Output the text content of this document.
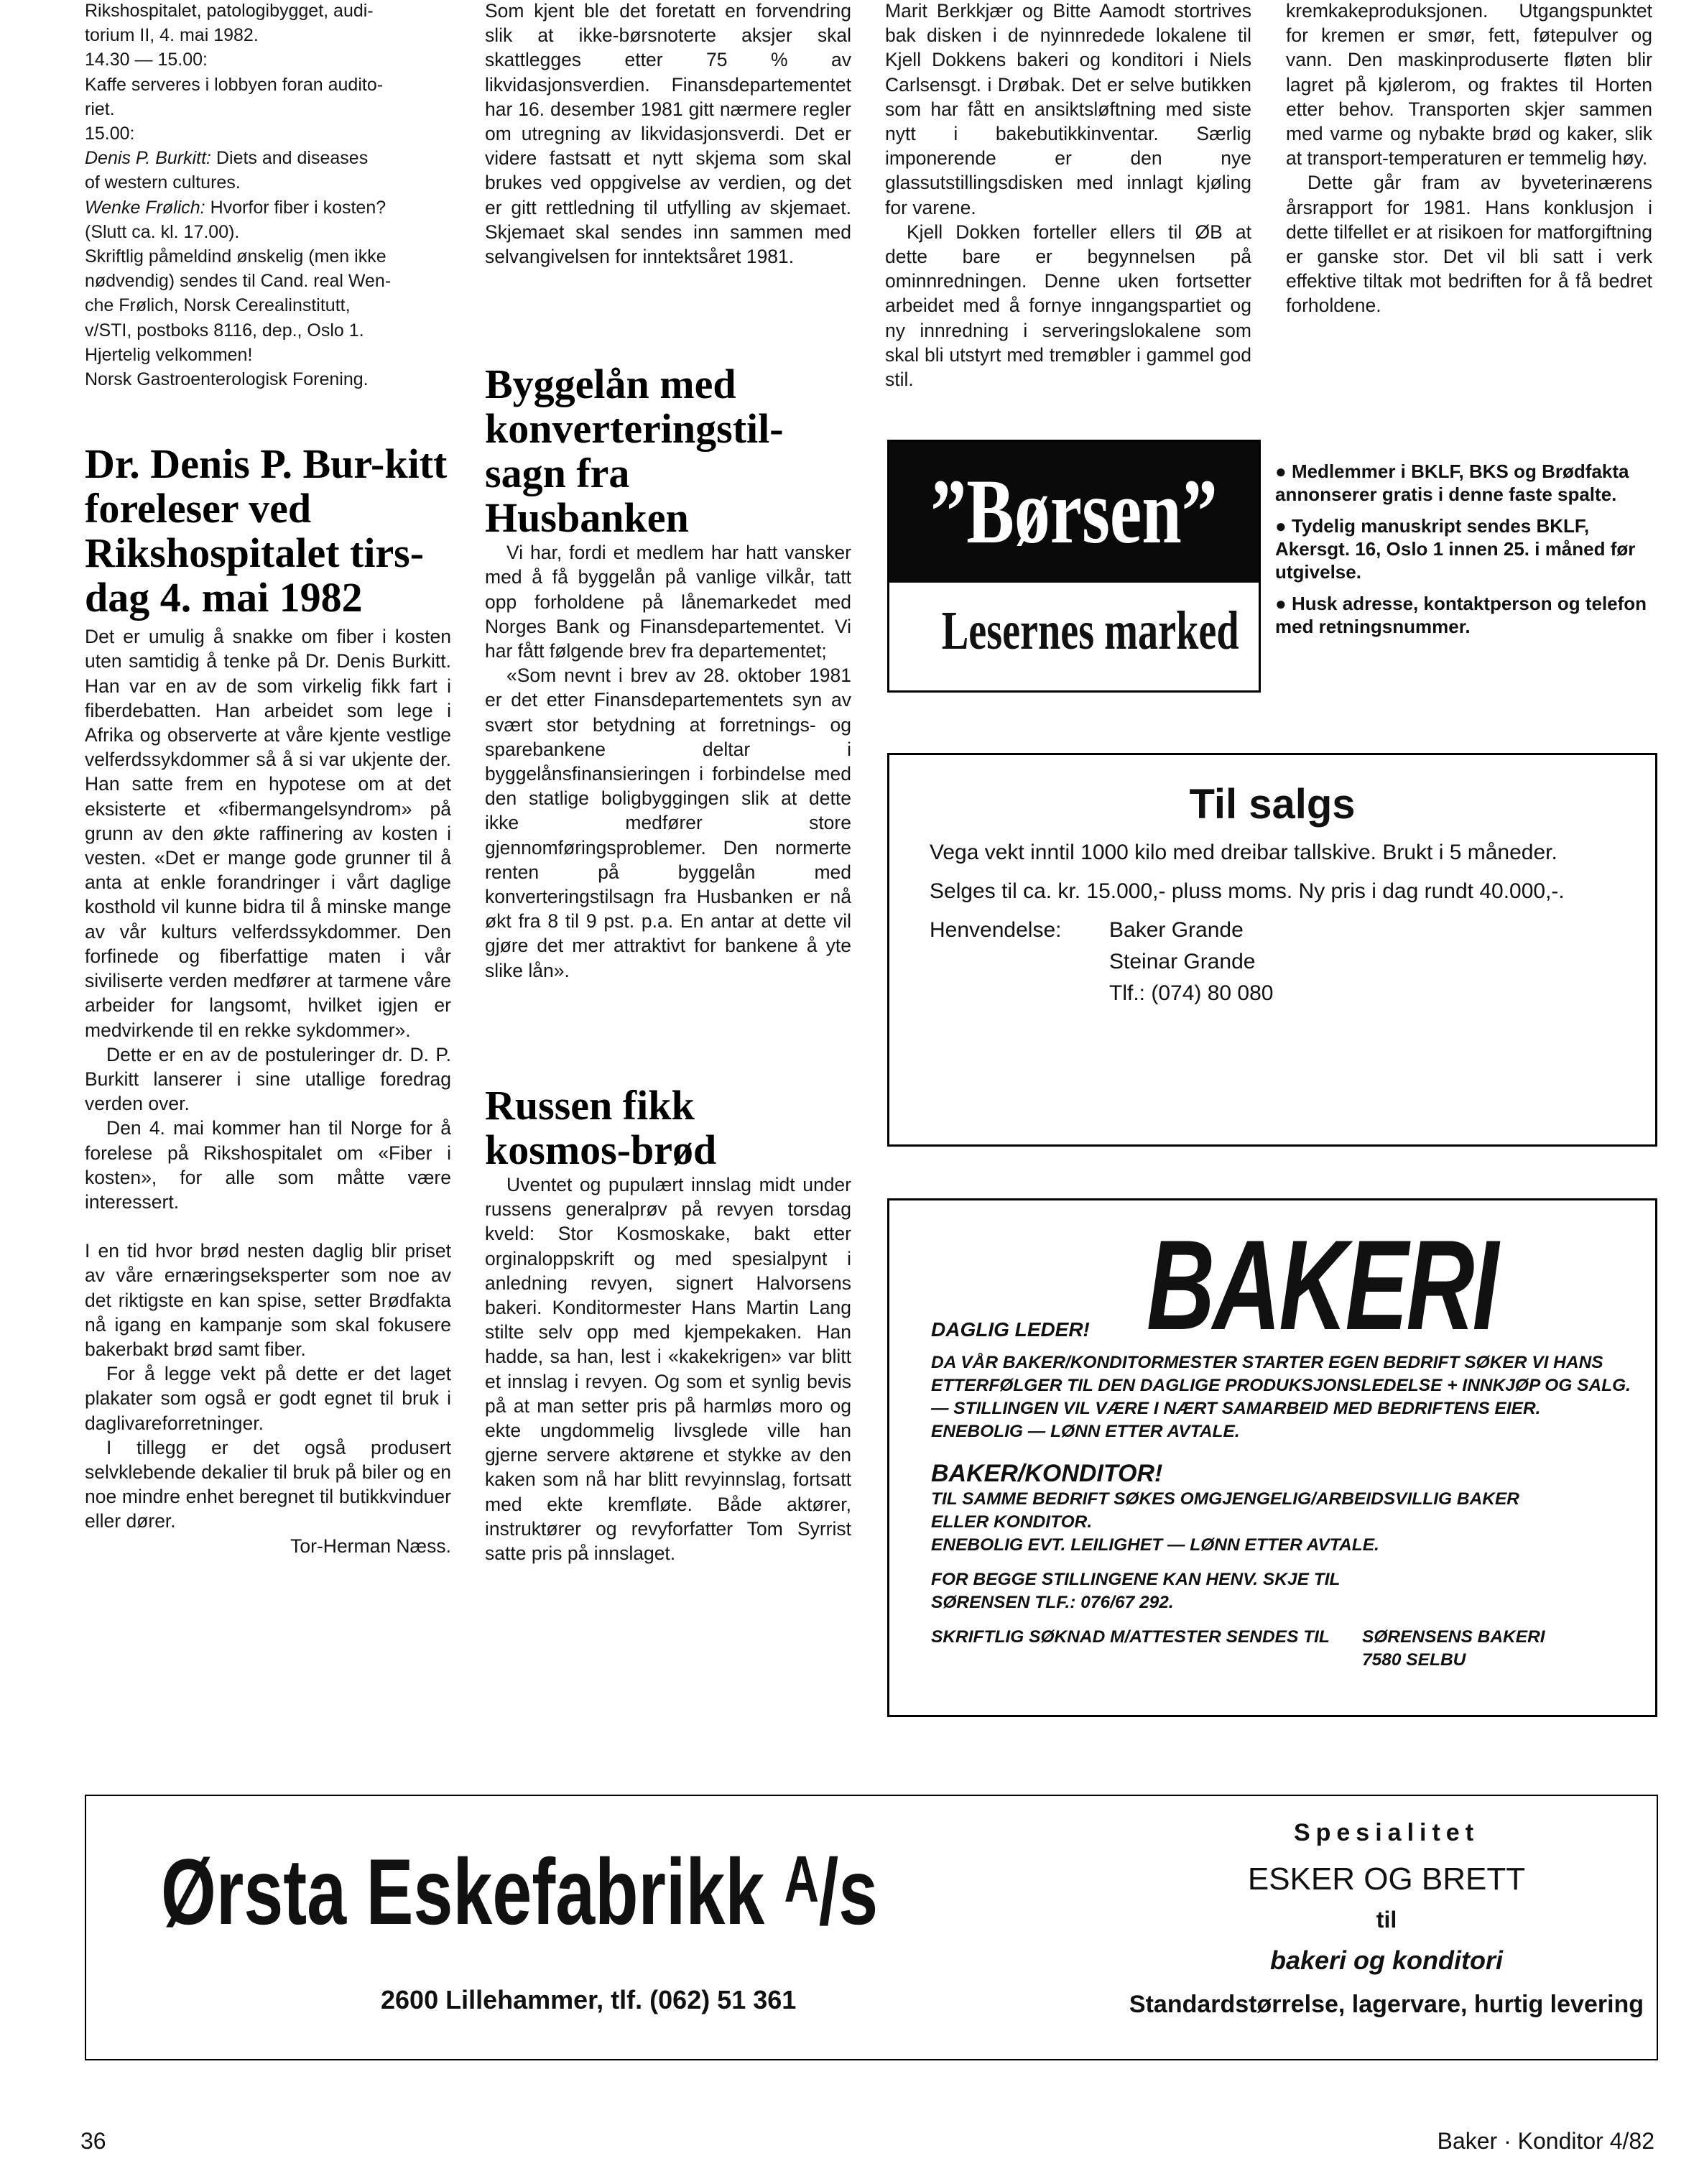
Rikshospitalet, patologibygget, audi-

torium II, 4. mai 1982.

14.30 — 15.00:

Kaffe serveres i lobbyen foran audito-

riet.

15.00:

Denis P. Burkitt: Diets and diseases

of western cultures.

Wenke Frølich: Hvorfor fiber i kosten?

(Slutt ca. kl. 17.00).

Skriftlig påmeldind ønskelig (men ikke

nødvendig) sendes til Cand. real Wen-

che Frølich, Norsk Cerealinstitutt,

v/STI, postboks 8116, dep., Oslo 1.

Hjertelig velkommen!

Norsk Gastroenterologisk Forening.

Dr. Denis P. Bur-kitt foreleser ved Rikshospitalet tirs-dag 4. mai 1982

Det er umulig å snakke om fiber i kosten uten samtidig å tenke på Dr. Denis Burkitt. Han var en av de som virkelig fikk fart i fiberdebatten. Han arbeidet som lege i Afrika og observerte at våre kjente vestlige velferdssykdommer så å si var ukjente der. Han satte frem en hypotese om at det eksisterte et «fibermangelsyndrom» på grunn av den økte raffinering av kosten i vesten. «Det er mange gode grunner til å anta at enkle forandringer i vårt daglige kosthold vil kunne bidra til å minske mange av vår kulturs velferdssykdommer. Den forfinede og fiberfattige maten i vår siviliserte verden medfører at tarmene våre arbeider for langsomt, hvilket igjen er medvirkende til en rekke sykdommer».

Dette er en av de postuleringer dr. D. P. Burkitt lanserer i sine utallige foredrag verden over.

Den 4. mai kommer han til Norge for å forelese på Rikshospitalet om «Fiber i kosten», for alle som måtte være interessert.

I en tid hvor brød nesten daglig blir priset av våre ernæringseksperter som noe av det riktigste en kan spise, setter Brødfakta nå igang en kampanje som skal fokusere bakerbakt brød samt fiber.

For å legge vekt på dette er det laget plakater som også er godt egnet til bruk i daglivareforretninger.

I tillegg er det også produsert selvklebende dekalier til bruk på biler og en noe mindre enhet beregnet til butikkvinduer eller dører.

Tor-Herman Næss.

Som kjent ble det foretatt en forvendring slik at ikke-børsnoterte aksjer skal skattlegges etter 75 % av likvidasjonsverdien. Finansdepartementet har 16. desember 1981 gitt nærmere regler om utregning av likvidasjonsverdi. Det er videre fastsatt et nytt skjema som skal brukes ved oppgivelse av verdien, og det er gitt rettledning til utfylling av skjemaet. Skjemaet skal sendes inn sammen med selvangivelsen for inntektsåret 1981.

Byggelån med konverteringstil-sagn fra Husbanken

Vi har, fordi et medlem har hatt vansker med å få byggelån på vanlige vilkår, tatt opp forholdene på lånemarkedet med Norges Bank og Finansdepartementet. Vi har fått følgende brev fra departementet;

«Som nevnt i brev av 28. oktober 1981 er det etter Finansdepartementets syn av svært stor betydning at forretnings- og sparebankene deltar i byggelånsfinansieringen i forbindelse med den statlige boligbyggingen slik at dette ikke medfører store gjennomføringsproblemer. Den normerte renten på byggelån med konverteringstilsagn fra Husbanken er nå økt fra 8 til 9 pst. p.a. En antar at dette vil gjøre det mer attraktivt for bankene å yte slike lån».

Russen fikk kosmos-brød

Uventet og pupulært innslag midt under russens generalprøv på revyen torsdag kveld: Stor Kosmoskake, bakt etter orginaloppskrift og med spesialpynt i anledning revyen, signert Halvorsens bakeri. Konditormester Hans Martin Lang stilte selv opp med kjempekaken. Han hadde, sa han, lest i «kakekrigen» var blitt et innslag i revyen. Og som et synlig bevis på at man setter pris på harmløs moro og ekte ungdommelig livsglede ville han gjerne servere aktørene et stykke av den kaken som nå har blitt revyinnslag, fortsatt med ekte kremfløte. Både aktører, instruktører og revyforfatter Tom Syrrist satte pris på innslaget.

Marit Berkkjær og Bitte Aamodt stortrives bak disken i de nyinnredede lokalene til Kjell Dokkens bakeri og konditori i Niels Carlsensgt. i Drøbak. Det er selve butikken som har fått en ansiktsløftning med siste nytt i bakebutikkinventar. Særlig imponerende er den nye glassutstillingsdisken med innlagt kjøling for varene.

Kjell Dokken forteller ellers til ØB at dette bare er begynnelsen på ominnredningen. Denne uken fortsetter arbeidet med å fornye inngangspartiet og ny innredning i serveringslokalene som skal bli utstyrt med tremøbler i gammel god stil.

kremkakeproduksjonen. Utgangspunktet for kremen er smør, fett, føtepulver og vann. Den maskinproduserte fløten blir lagret på kjølerom, og fraktes til Horten etter behov. Transporten skjer sammen med varme og nybakte brød og kaker, slik at transport-temperaturen er temmelig høy.

Dette går fram av byveterinærens årsrapport for 1981. Hans konklusjon i dette tilfellet er at risikoen for matforgiftning er ganske stor. Det vil bli satt i verk effektive tiltak mot bedriften for å få bedret forholdene.

”Børsen”
Lesernes marked

● Medlemmer i BKLF, BKS og Brødfakta annonserer gratis i denne faste spalte.

● Tydelig manuskript sendes BKLF, Akersgt. 16, Oslo 1 innen 25. i måned før utgivelse.

● Husk adresse, kontaktperson og telefon med retningsnummer.

Til salgs

Vega vekt inntil 1000 kilo med dreibar tallskive. Brukt i 5 måneder.

Selges til ca. kr. 15.000,- pluss moms. Ny pris i dag rundt 40.000,-.

Henvendelse:	Baker Grande
Steinar Grande
Tlf.: (074) 80 080
DAGLIG LEDER! BAKERI

DA VÅR BAKER/KONDITORMESTER STARTER EGEN BEDRIFT SØKER VI HANS

ETTERFØLGER TIL DEN DAGLIGE PRODUKSJONSLEDELSE + INNKJØP OG SALG.

— STILLINGEN VIL VÆRE I NÆRT SAMARBEID MED BEDRIFTENS EIER.

ENEBOLIG — LØNN ETTER AVTALE.

BAKER/KONDITOR!

TIL SAMME BEDRIFT SØKES OMGJENGELIG/ARBEIDSVILLIG BAKER

ELLER KONDITOR.

ENEBOLIG EVT. LEILIGHET — LØNN ETTER AVTALE.

FOR BEGGE STILLINGENE KAN HENV. SKJE TIL

SØRENSEN TLF.: 076/67 292.

SKRIFTLIG SØKNAD M/ATTESTER SENDES TIL	SØRENSENS BAKERI

7580 SELBU

Ørsta Eskefabrikk ᴬ/s
2600 Lillehammer, tlf. (062) 51 361
Spesialitet
ESKER OG BRETT
til
bakeri og konditori
Standardstørrelse, lagervare, hurtig levering
36	Baker · Konditor 4/82
